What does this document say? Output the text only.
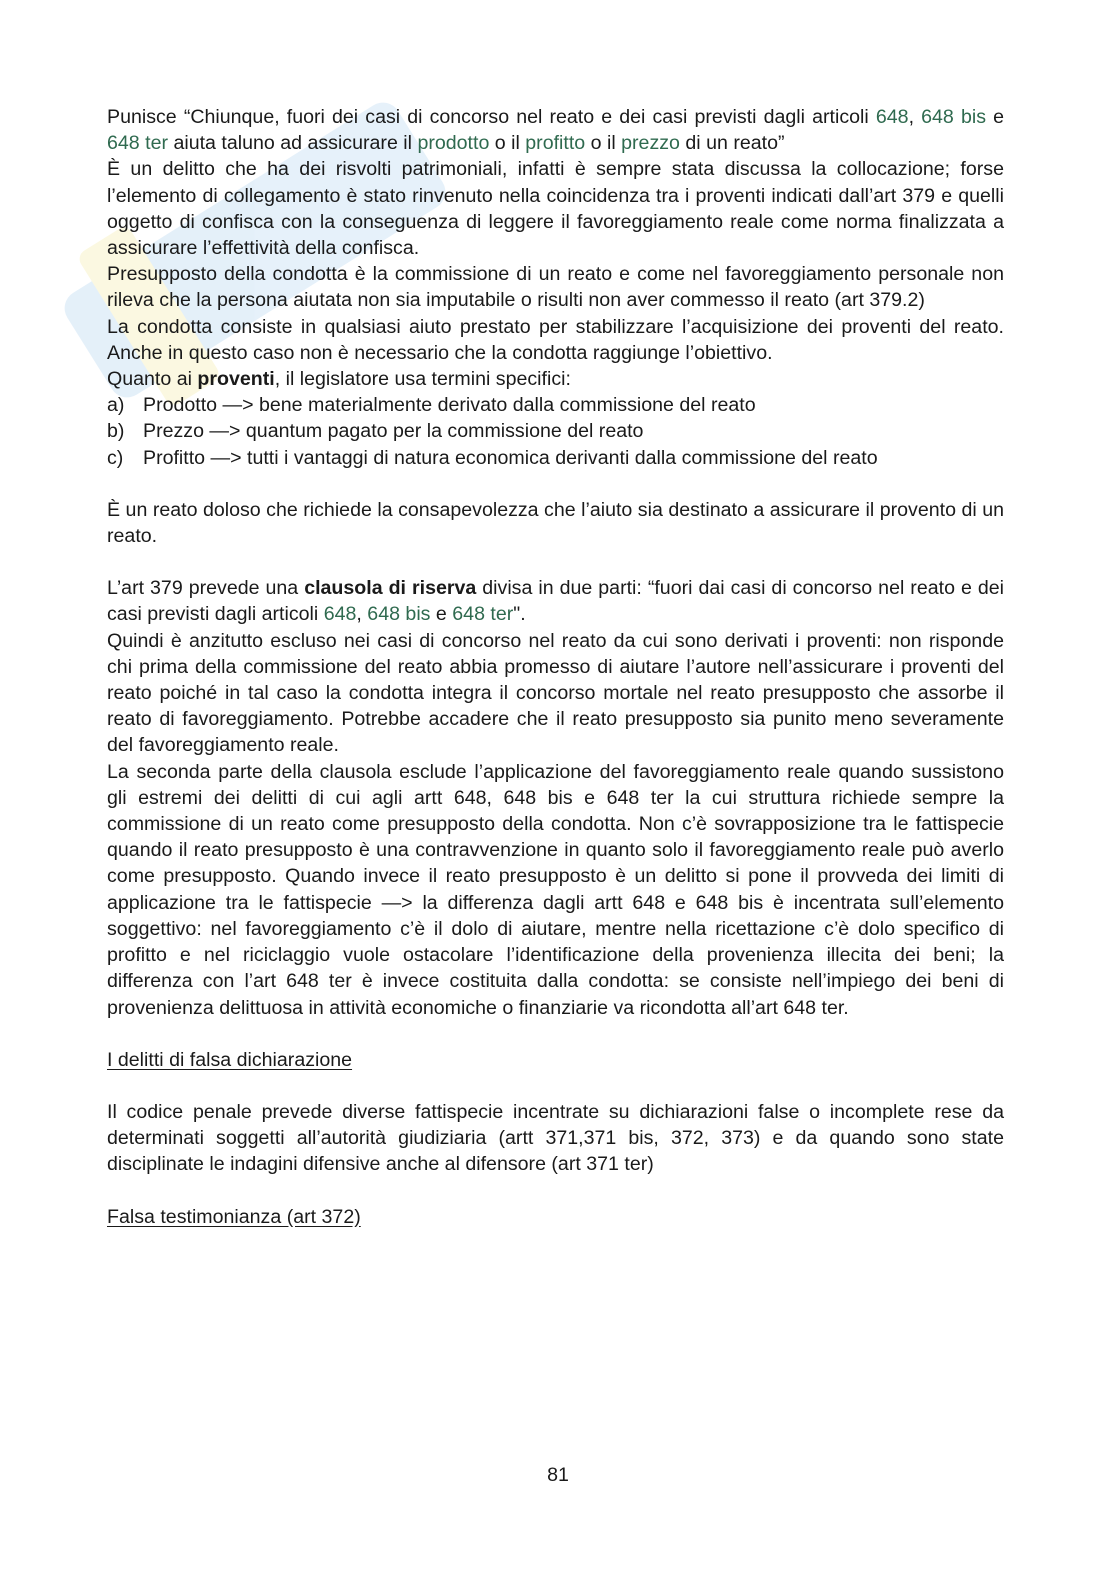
Punisce “Chiunque, fuori dei casi di concorso nel reato e dei casi previsti dagli articoli 648, 648 bis e 648 ter aiuta taluno ad assicurare il prodotto o il profitto o il prezzo di un reato”

È un delitto che ha dei risvolti patrimoniali, infatti è sempre stata discussa la collocazione; forse l’elemento di collegamento è stato rinvenuto nella coincidenza tra i proventi indicati dall’art 379 e quelli oggetto di confisca con la conseguenza di leggere il favoreggiamento reale come norma finalizzata a assicurare l’effettività della confisca.

Presupposto della condotta è la commissione di un reato e come nel favoreggiamento personale non rileva che la persona aiutata non sia imputabile o risulti non aver commesso il reato (art 379.2)

La condotta consiste in qualsiasi aiuto prestato per stabilizzare l’acquisizione dei proventi del reato. Anche in questo caso non è necessario che la condotta raggiunge l’obiettivo.

Quanto ai proventi, il legislatore usa termini specifici:

a) Prodotto —> bene materialmente derivato dalla commissione del reato
b) Prezzo —> quantum pagato per la commissione del reato
c)	Profitto —> tutti i vantaggi di natura economica derivanti dalla commissione del reato

È un reato doloso che richiede la consapevolezza che l’aiuto sia destinato a assicurare il provento di un reato.

L’art 379 prevede una clausola di riserva divisa in due parti: “fuori dai casi di concorso nel reato e dei casi previsti dagli articoli 648, 648 bis e 648 ter".

Quindi è anzitutto escluso nei casi di concorso nel reato da cui sono derivati i proventi: non risponde chi prima della commissione del reato abbia promesso di aiutare l’autore nell’assicurare i proventi del reato poiché in tal caso la condotta integra il concorso mortale nel reato presupposto che assorbe il reato di favoreggiamento. Potrebbe accadere che il reato presupposto sia punito meno severamente del favoreggiamento reale.

La seconda parte della clausola esclude l’applicazione del favoreggiamento reale quando sussistono gli estremi dei delitti di cui agli artt 648, 648 bis e 648 ter la cui struttura richiede sempre la commissione di un reato come presupposto della condotta. Non c’è sovrapposizione tra le fattispecie quando il reato presupposto è una contravvenzione in quanto solo il favoreggiamento reale può averlo come presupposto. Quando invece il reato presupposto è un delitto si pone il provveda dei limiti di applicazione tra le fattispecie —> la differenza dagli artt 648 e 648 bis è incentrata sull’elemento soggettivo: nel favoreggiamento c’è il dolo di aiutare, mentre nella ricettazione c’è dolo specifico di profitto e nel riciclaggio vuole ostacolare l’identificazione della provenienza illecita dei beni; la differenza con l’art 648 ter è invece costituita dalla condotta: se consiste nell’impiego dei beni di provenienza delittuosa in attività economiche o finanziarie va ricondotta all’art 648 ter.

I delitti di falsa dichiarazione

Il codice penale prevede diverse fattispecie incentrate su dichiarazioni false o incomplete rese da determinati soggetti all’autorità giudiziaria (artt 371,371 bis, 372, 373) e da quando sono state disciplinate le indagini difensive anche al difensore (art 371 ter)

Falsa testimonianza (art 372)

81
